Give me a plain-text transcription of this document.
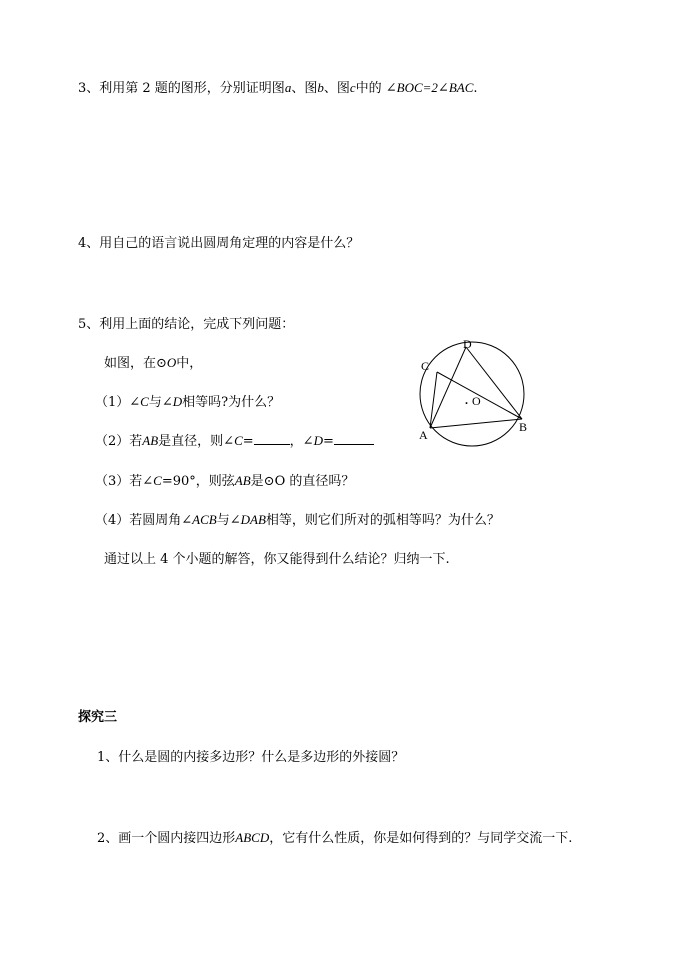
3、利用第 2 题的图形，分别证明图a、图b、图c中的 ∠BOC=2∠BAC.
4、用自己的语言说出圆周角定理的内容是什么？
5、利用上面的结论，完成下列问题：
如图，在⊙O中，
（1）∠C与∠D相等吗?为什么？
（2）若AB是直径，则∠C=	，∠D=
（3）若∠C=90°，则弦AB是⊙O 的直径吗？
（4）若圆周角∠ACB与∠DAB相等，则它们所对的弧相等吗？为什么？
通过以上 4 个小题的解答，你又能得到什么结论？归纳一下.
A
B
C
D
. O
探究三
1、什么是圆的内接多边形？什么是多边形的外接圆？
2、画一个圆内接四边形ABCD，它有什么性质，你是如何得到的？与同学交流一下.
